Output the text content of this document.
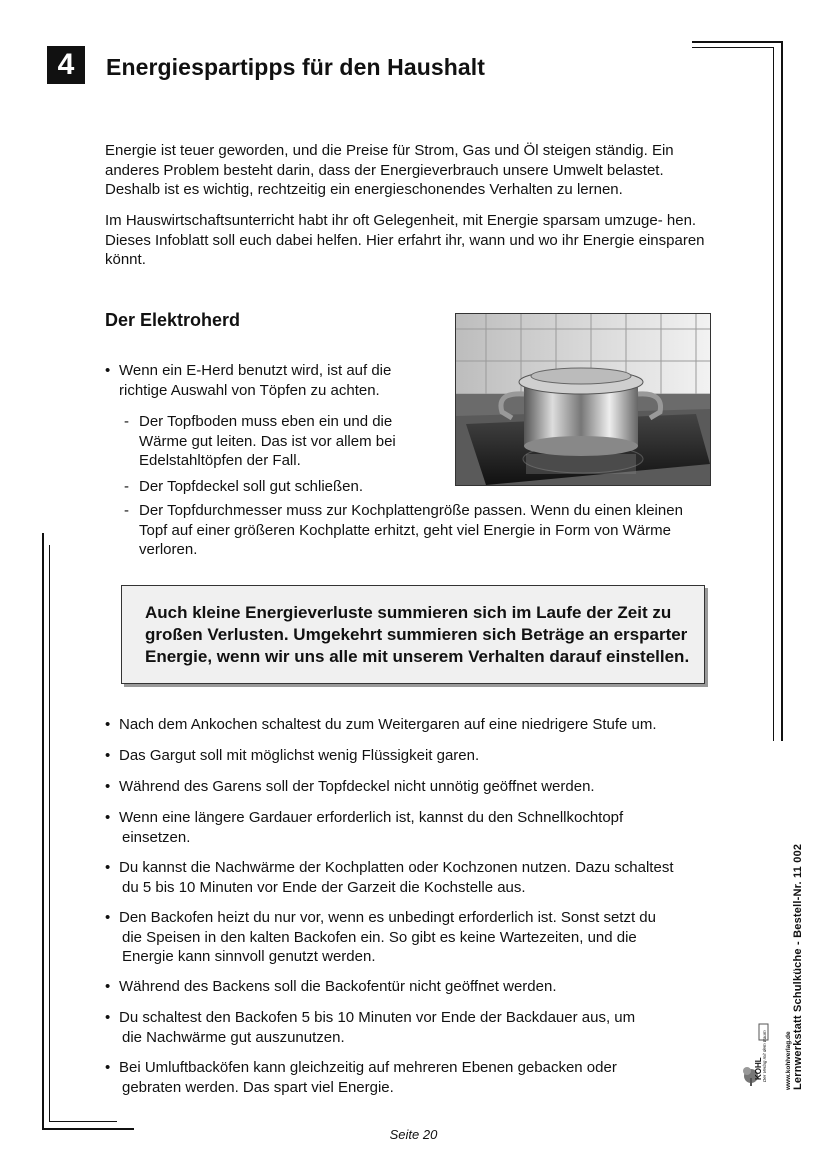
4	Energiespartipps für den Haushalt

Energie ist teuer geworden, und die Preise für Strom, Gas und Öl steigen ständig. Ein anderes Problem besteht darin, dass der Energieverbrauch unsere Umwelt belastet. Deshalb ist es wichtig, rechtzeitig ein energieschonendes Verhalten zu lernen.

Im Hauswirtschaftsunterricht habt ihr oft Gelegenheit, mit Energie sparsam umzuge- hen. Dieses Infoblatt soll euch dabei helfen. Hier erfahrt ihr, wann und wo ihr Energie einsparen könnt.

Der Elektroherd
• Wenn ein E-Herd benutzt wird, ist auf die
richtige Auswahl von Töpfen zu achten.
- Der Topfboden muss eben ein und die
Wärme gut leiten. Das ist vor allem bei
Edelstahltöpfen der Fall.
- Der Topfdeckel soll gut schließen.
- Der Topfdurchmesser muss zur Kochplattengröße passen. Wenn du einen kleinen
Topf auf einer größeren Kochplatte erhitzt, geht viel Energie in Form von Wärme
verloren.
Auch kleine Energieverluste summieren sich im Laufe der Zeit zu
großen Verlusten. Umgekehrt summieren sich Beträge an ersparter
Energie, wenn wir uns alle mit unserem Verhalten darauf einstellen.
• Nach dem Ankochen schaltest du zum Weitergaren auf eine niedrigere Stufe um.
• Das Gargut soll mit möglichst wenig Flüssigkeit garen.
• Während des Garens soll der Topfdeckel nicht unnötig geöffnet werden.
• Wenn eine längere Gardauer erforderlich ist, kannst du den Schnellkochtopf
einsetzen.
• Du kannst die Nachwärme der Kochplatten oder Kochzonen nutzen. Dazu schaltest
du 5 bis 10 Minuten vor Ende der Garzeit die Kochstelle aus.
• Den Backofen heizt du nur vor, wenn es unbedingt erforderlich ist. Sonst setzt du
die Speisen in den kalten Backofen ein. So gibt es keine Wartezeiten, und die
Energie kann sinnvoll genutzt werden.
• Während des Backens soll die Backofentür nicht geöffnet werden.
• Du schaltest den Backofen 5 bis 10 Minuten vor Ende der Backdauer aus, um
die Nachwärme gut auszunutzen.
• Bei Umluftbacköfen kann gleichzeitig auf mehreren Ebenen gebacken oder
gebraten werden. Das spart viel Energie.	Lernwerkstatt Schulküche - Bestell-Nr. 11 002
www.kohlverlag.de
KOHL Der Verlag mit dem Baum
Seite 20
